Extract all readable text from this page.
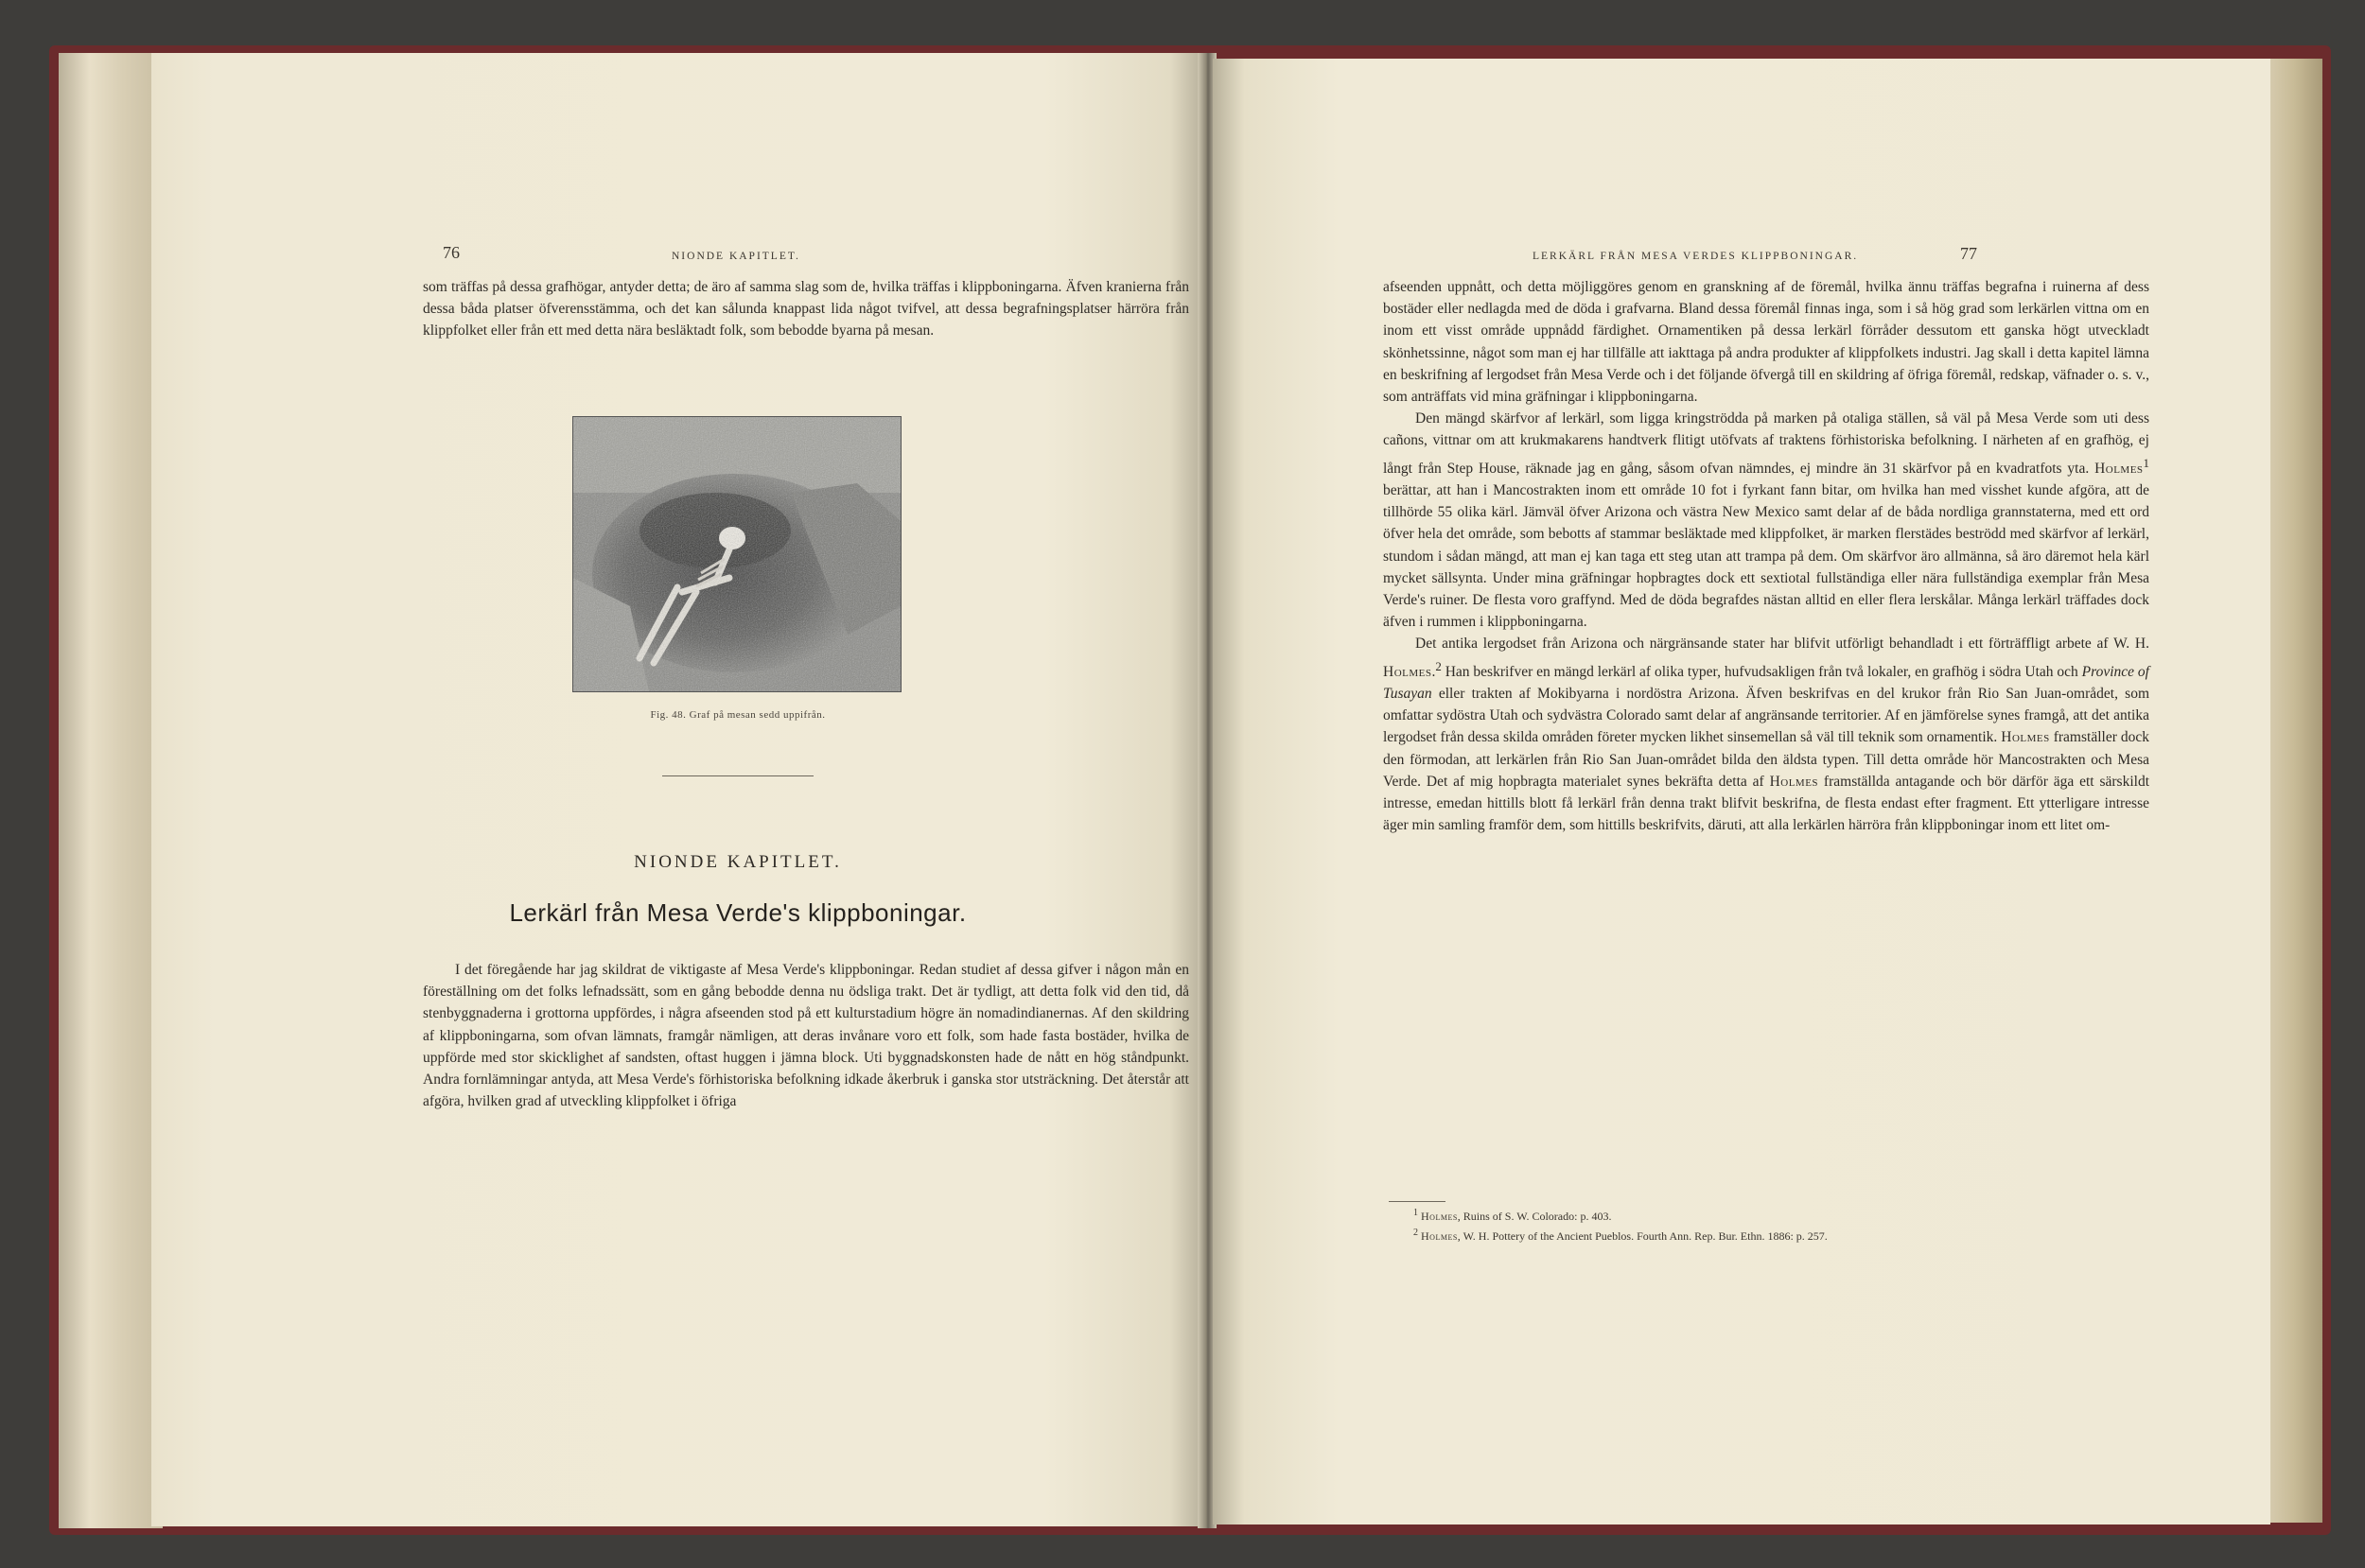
76	NIONDE KAPITLET.

som träffas på dessa grafhögar, antyder detta; de äro af samma slag som de, hvilka träffas i klippboningarna. Äfven kranierna från dessa båda platser öfverensstämma, och det kan sålunda knappast lida något tvifvel, att dessa begrafningsplatser härröra från klippfolket eller från ett med detta nära besläktadt folk, som bebodde byarna på mesan.

Fig. 48. Graf på mesan sedd uppifrån.
NIONDE KAPITLET.
Lerkärl från Mesa Verde's klippboningar.

I det föregående har jag skildrat de viktigaste af Mesa Verde's klippboningar. Redan studiet af dessa gifver i någon mån en föreställning om det folks lefnadssätt, som en gång bebodde denna nu ödsliga trakt. Det är tydligt, att detta folk vid den tid, då stenbyggnaderna i grottorna uppfördes, i några afseenden stod på ett kulturstadium högre än nomadindianernas. Af den skildring af klippboningarna, som ofvan lämnats, framgår nämligen, att deras invånare voro ett folk, som hade fasta bostäder, hvilka de uppförde med stor skicklighet af sandsten, oftast huggen i jämna block. Uti byggnadskonsten hade de nått en hög ståndpunkt. Andra fornlämningar antyda, att Mesa Verde's förhistoriska befolkning idkade åkerbruk i ganska stor utsträckning. Det återstår att afgöra, hvilken grad af utveckling klippfolket i öfriga

LERKÄRL FRÅN MESA VERDES KLIPPBONINGAR.	77

afseenden uppnått, och detta möjliggöres genom en granskning af de föremål, hvilka ännu träffas begrafna i ruinerna af dess bostäder eller nedlagda med de döda i grafvarna. Bland dessa föremål finnas inga, som i så hög grad som lerkärlen vittna om en inom ett visst område uppnådd färdighet. Ornamentiken på dessa lerkärl förråder dessutom ett ganska högt utveckladt skönhetssinne, något som man ej har tillfälle att iakttaga på andra produkter af klippfolkets industri. Jag skall i detta kapitel lämna en beskrifning af lergodset från Mesa Verde och i det följande öfvergå till en skildring af öfriga föremål, redskap, väfnader o. s. v., som anträffats vid mina gräfningar i klippboningarna.

Den mängd skärfvor af lerkärl, som ligga kringströdda på marken på otaliga ställen, så väl på Mesa Verde som uti dess cañons, vittnar om att krukmakarens handtverk flitigt utöfvats af traktens förhistoriska befolkning. I närheten af en grafhög, ej långt från Step House, räknade jag en gång, såsom ofvan nämndes, ej mindre än 31 skärfvor på en kvadratfots yta. Holmes$^1$ berättar, att han i Mancostrakten inom ett område 10 fot i fyrkant fann bitar, om hvilka han med visshet kunde afgöra, att de tillhörde 55 olika kärl. Jämväl öfver Arizona och västra New Mexico samt delar af de båda nordliga grannstaterna, med ett ord öfver hela det område, som bebotts af stammar besläktade med klippfolket, är marken flerstädes beströdd med skärfvor af lerkärl, stundom i sådan mängd, att man ej kan taga ett steg utan att trampa på dem. Om skärfvor äro allmänna, så äro däremot hela kärl mycket sällsynta. Under mina gräfningar hopbragtes dock ett sextiotal fullständiga eller nära fullständiga exemplar från Mesa Verde's ruiner. De flesta voro graffynd. Med de döda begrafdes nästan alltid en eller flera lerskålar. Många lerkärl träffades dock äfven i rummen i klippboningarna.

Det antika lergodset från Arizona och närgränsande stater har blifvit utförligt behandladt i ett förträffligt arbete af W. H. Holmes.$^2$ Han beskrifver en mängd lerkärl af olika typer, hufvudsakligen från två lokaler, en grafhög i södra Utah och Province of Tusayan eller trakten af Mokibyarna i nordöstra Arizona. Äfven beskrifvas en del krukor från Rio San Juan-området, som omfattar sydöstra Utah och sydvästra Colorado samt delar af angränsande territorier. Af en jämförelse synes framgå, att det antika lergodset från dessa skilda områden företer mycken likhet sinsemellan så väl till teknik som ornamentik. Holmes framställer dock den förmodan, att lerkärlen från Rio San Juan-området bilda den äldsta typen. Till detta område hör Mancostrakten och Mesa Verde. Det af mig hopbragta materialet synes bekräfta detta af Holmes framställda antagande och bör därför äga ett särskildt intresse, emedan hittills blott få lerkärl från denna trakt blifvit beskrifna, de flesta endast efter fragment. Ett ytterligare intresse äger min samling framför dem, som hittills beskrifvits, däruti, att alla lerkärlen härröra från klippboningar inom ett litet om-

$^1$ Holmes, Ruins of S. W. Colorado: p. 403.
$^2$ Holmes, W. H. Pottery of the Ancient Pueblos. Fourth Ann. Rep. Bur. Ethn. 1886: p. 257.
